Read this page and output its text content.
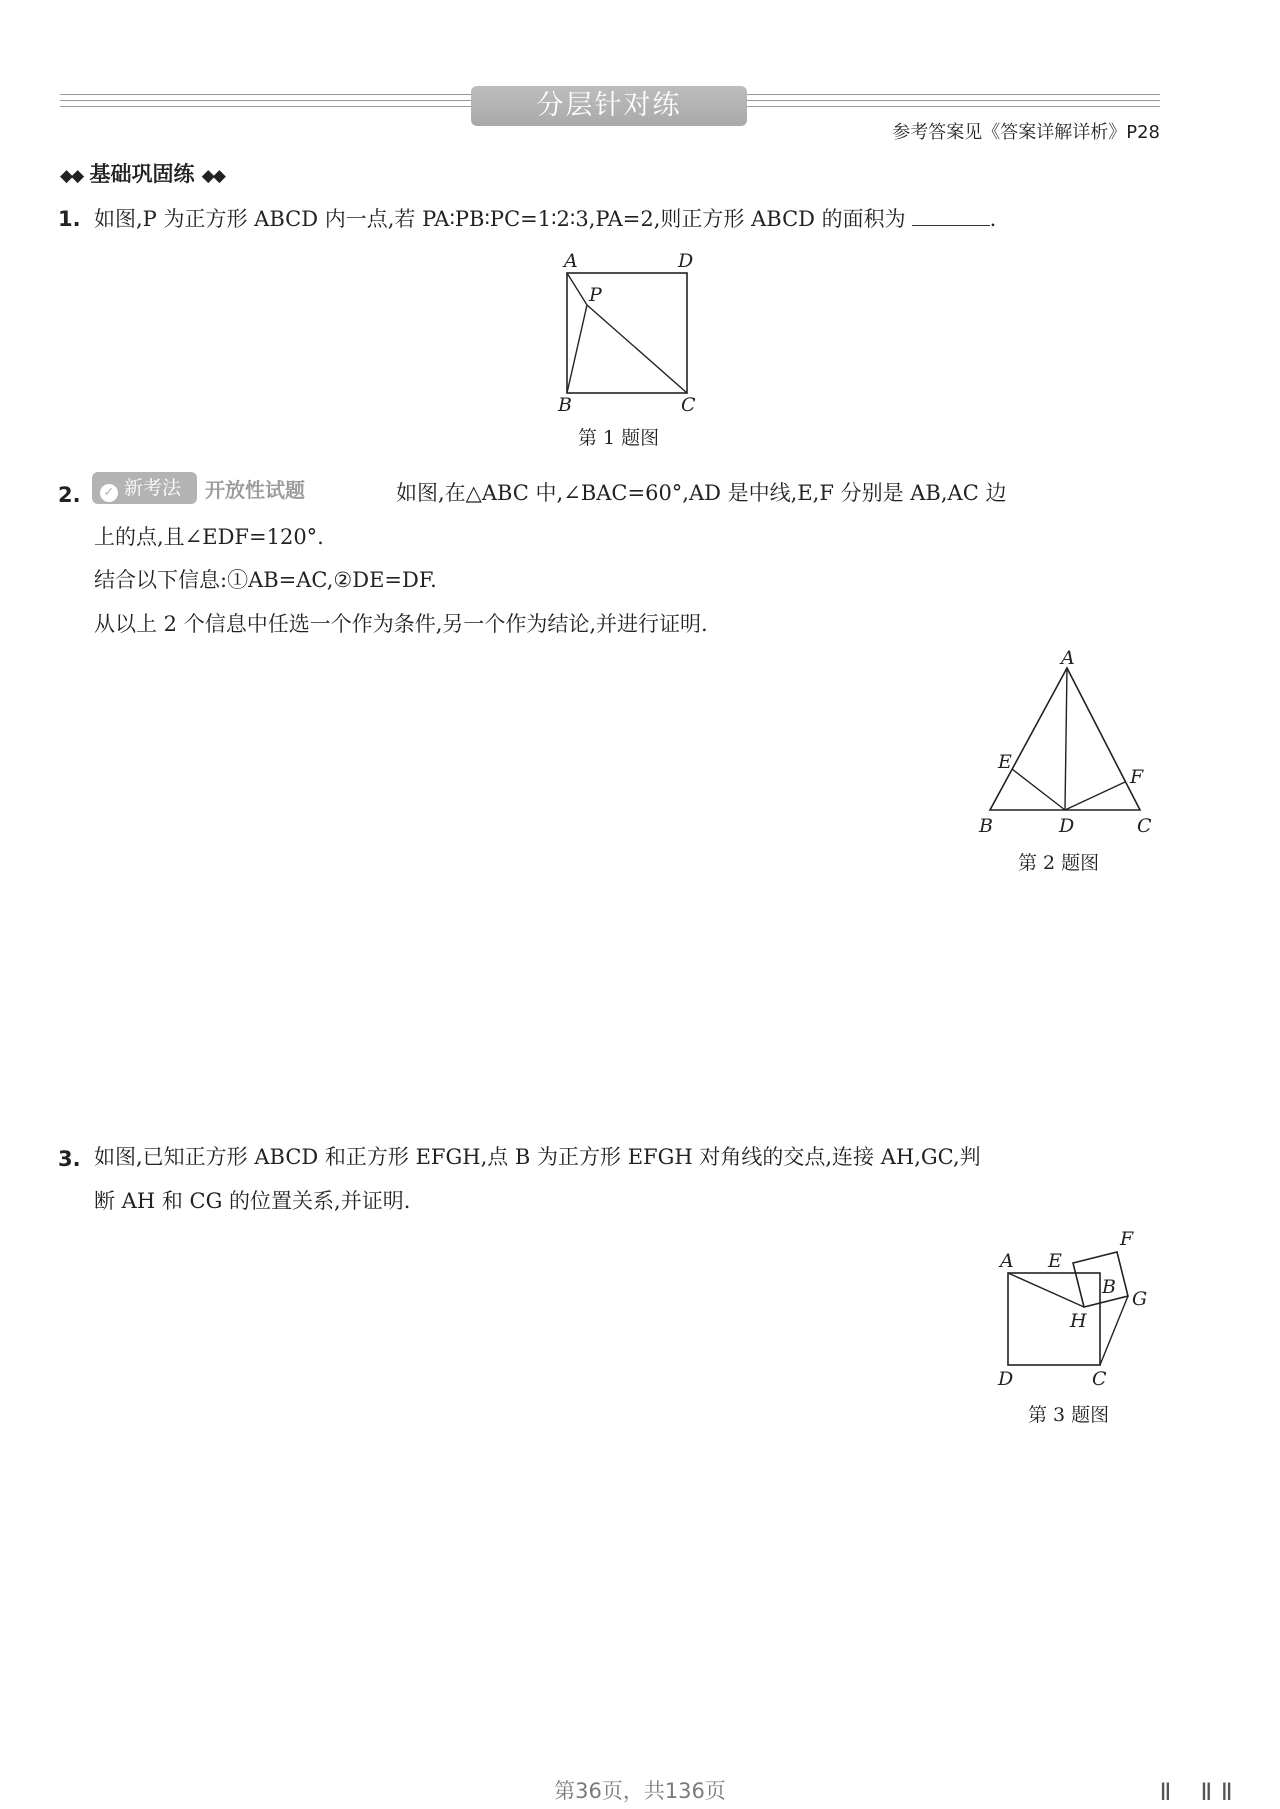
分层针对练
参考答案见《答案详解详析》P28
◆◆ 基础巩固练 ◆◆
1. 如图,P 为正方形 ABCD 内一点,若 PA∶PB∶PC=1∶2∶3,PA=2,则正方形 ABCD 的面积为	.
A	D
P
B	C
第 1 题图
2.	✓ 新考法 开放性试题	如图,在△ABC 中,∠BAC=60°,AD 是中线,E,F 分别是 AB,AC 边
上的点,且∠EDF=120°.
结合以下信息:①AB=AC,②DE=DF.
从以上 2 个信息中任选一个作为条件,另一个作为结论,并进行证明.
A
E
F
B	D	C
第 2 题图
3. 如图,已知正方形 ABCD 和正方形 EFGH,点 B 为正方形 EFGH 对角线的交点,连接 AH,GC,判
断 AH 和 CG 的位置关系,并证明.
A E
F
B
G
H
D	C
第 3 题图
第36页，共136页	ǁ ǁǁ
